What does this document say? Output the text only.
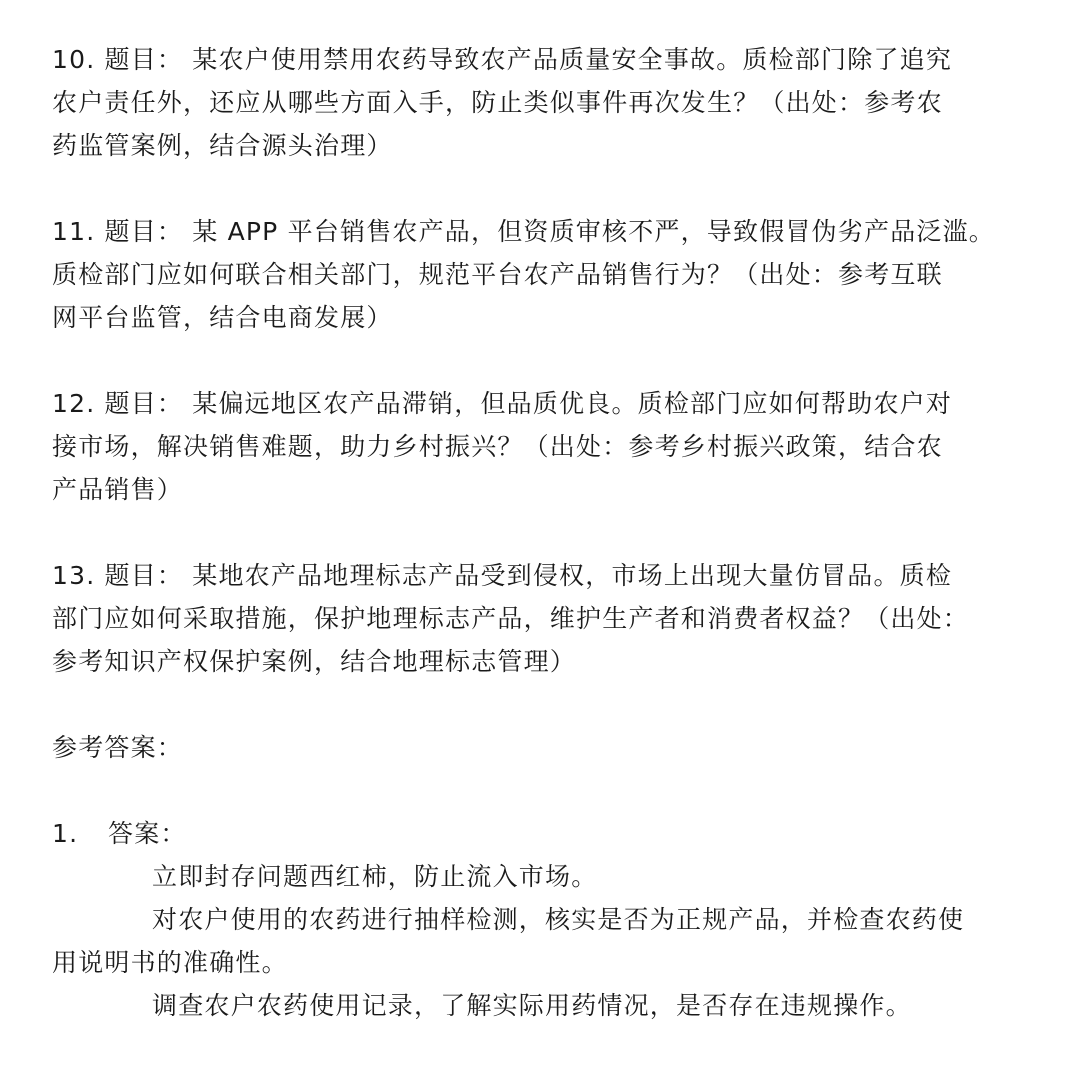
10. 题目： 某农户使用禁用农药导致农产品质量安全事故。质检部门除了追究
农户责任外，还应从哪些方面入手，防止类似事件再次发生？（出处：参考农
药监管案例，结合源头治理）
11. 题目： 某 APP 平台销售农产品，但资质审核不严，导致假冒伪劣产品泛滥。
质检部门应如何联合相关部门，规范平台农产品销售行为？（出处：参考互联
网平台监管，结合电商发展）
12. 题目： 某偏远地区农产品滞销，但品质优良。质检部门应如何帮助农户对
接市场，解决销售难题，助力乡村振兴？（出处：参考乡村振兴政策，结合农
产品销售）
13. 题目： 某地农产品地理标志产品受到侵权，市场上出现大量仿冒品。质检
部门应如何采取措施，保护地理标志产品，维护生产者和消费者权益？（出处：
参考知识产权保护案例，结合地理标志管理）
参考答案：
1. 答案：
立即封存问题西红柿，防止流入市场。
对农户使用的农药进行抽样检测，核实是否为正规产品，并检查农药使
用说明书的准确性。
调查农户农药使用记录，了解实际用药情况，是否存在违规操作。
